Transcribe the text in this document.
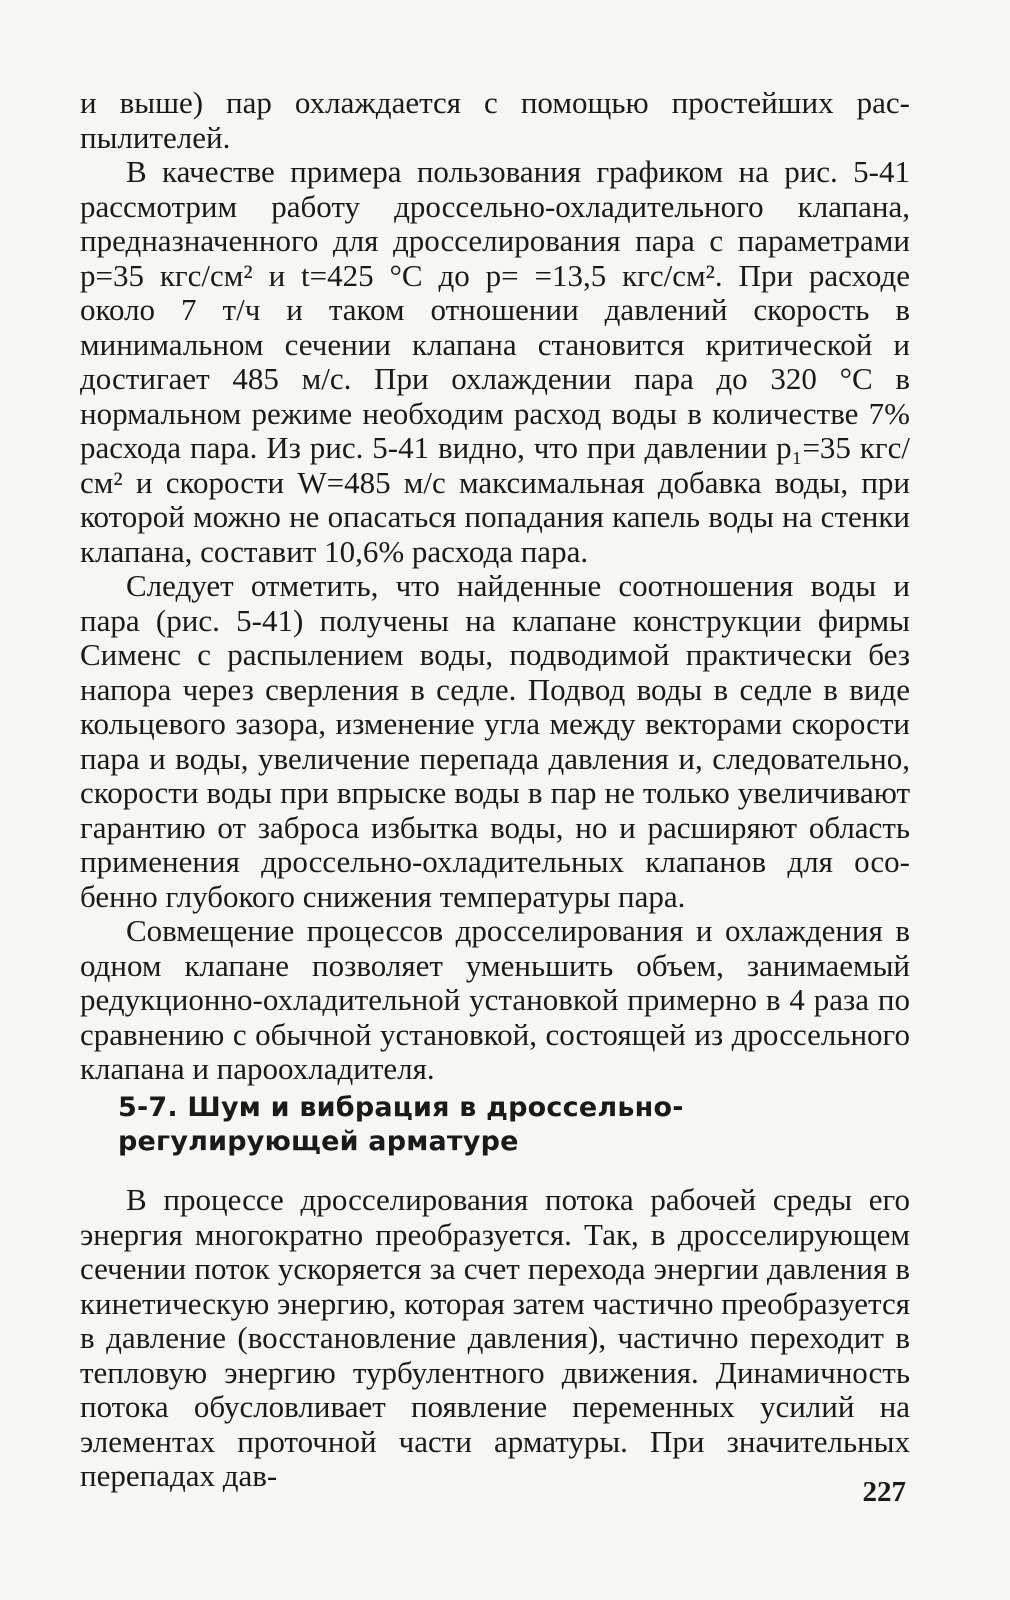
и выше) пар охлаждается с помощью простейших распылителей.

В качестве примера пользования графиком на рис. 5-41 рассмотрим работу дроссельно-охладительного клапана, предназначенного для дросселирования пара с параметрами p=35 кгс/см² и t=425 °C до p= =13,5 кгс/см². При расходе около 7 т/ч и таком отношении давлений скорость в минимальном сечении клапана становится критической и достигает 485 м/с. При охлаждении пара до 320 °C в нормальном режиме необходим расход воды в количестве 7% расхода пара. Из рис. 5-41 видно, что при давлении p₁=35 кгс/см² и скорости W=485 м/с максимальная добавка воды, при которой можно не опасаться попадания капель воды на стенки клапана, составит 10,6% расхода пара.

Следует отметить, что найденные соотношения воды и пара (рис. 5-41) получены на клапане конструкции фирмы Сименс с распылением воды, подводимой практически без напора через сверления в седле. Подвод воды в седле в виде кольцевого зазора, изменение угла между векторами скорости пара и воды, увеличение перепада давления и, следовательно, скорости воды при впрыске воды в пар не только увеличивают гарантию от заброса избытка воды, но и расширяют область применения дроссельно-охладительных клапанов для особенно глубокого снижения температуры пара.

Совмещение процессов дросселирования и охлаждения в одном клапане позволяет уменьшить объем, занимаемый редукционно-охладительной установкой примерно в 4 раза по сравнению с обычной установкой, состоящей из дроссельного клапана и пароохладителя.

5-7. Шум и вибрация в дроссельно-регулирующей арматуре

В процессе дросселирования потока рабочей среды его энергия многократно преобразуется. Так, в дросселирующем сечении поток ускоряется за счет перехода энергии давления в кинетическую энергию, которая затем частично преобразуется в давление (восстановление давления), частично переходит в тепловую энергию турбулентного движения. Динамичность потока обусловливает появление переменных усилий на элементах проточной части арматуры. При значительных перепадах дав-	227
